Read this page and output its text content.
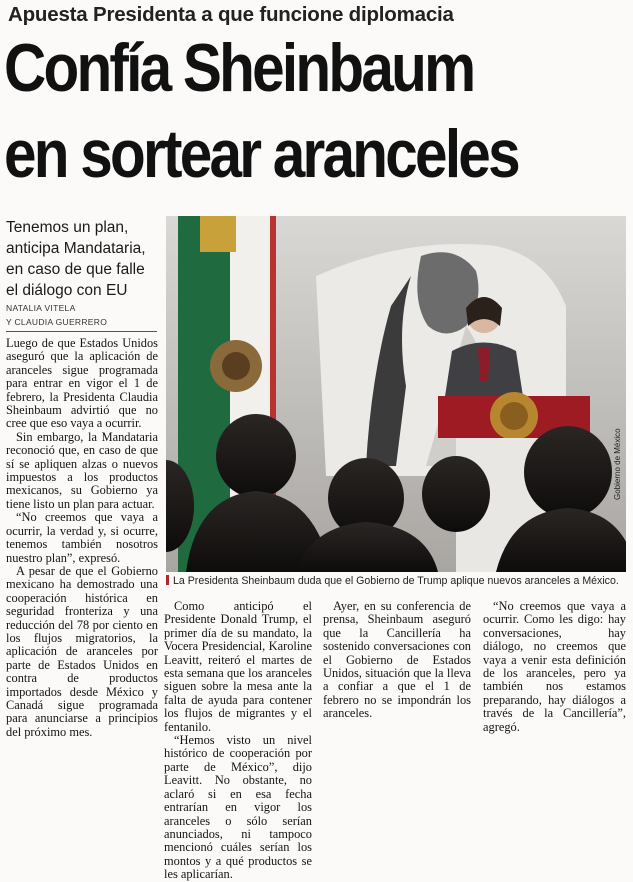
Apuesta Presidenta a que funcione diplomacia
Confía Sheinbaum
en sortear aranceles
Tenemos un plan,
anticipa Mandataria,
en caso de que falle
el diálogo con EU
NATALIA VITELA
Y CLAUDIA GUERRERO

Luego de que Estados Unidos aseguró que la aplicación de aranceles sigue programada para entrar en vigor el 1 de febrero, la Presidenta Claudia Sheinbaum advirtió que no cree que eso vaya a ocurrir.

Sin embargo, la Mandataria reconoció que, en caso de que sí se apliquen alzas o nuevos impuestos a los productos mexicanos, su Gobierno ya tiene listo un plan para actuar.

“No creemos que vaya a ocurrir, la verdad y, si ocurre, tenemos también nosotros nuestro plan”, expresó.

A pesar de que el Gobierno mexicano ha demostrado una cooperación histórica en seguridad fronteriza y una reducción del 78 por ciento en los flujos migratorios, la aplicación de aranceles por parte de Estados Unidos en contra de productos importados desde México y Canadá sigue programada para anunciarse a principios del próximo mes.

Gobierno de México
La Presidenta Sheinbaum duda que el Gobierno de Trump aplique nuevos aranceles a México.

Como anticipó el Presidente Donald Trump, el primer día de su mandato, la Vocera Presidencial, Karoline Leavitt, reiteró el martes de esta semana que los aranceles siguen sobre la mesa ante la falta de ayuda para contener los flujos de migrantes y el fentanilo.

“Hemos visto un nivel histórico de cooperación por parte de México”, dijo Leavitt. No obstante, no aclaró si en esa fecha entrarían en vigor los aranceles o sólo serían anunciados, ni tampoco mencionó cuáles serían los montos y a qué productos se les aplicarían.

Ayer, en su conferencia de prensa, Sheinbaum aseguró que la Cancillería ha sostenido conversaciones con el Gobierno de Estados Unidos, situación que la lleva a confiar a que el 1 de febrero no se impondrán los aranceles.

“No creemos que vaya a ocurrir. Como les digo: hay conversaciones, hay diálogo, no creemos que vaya a venir esta definición de los aranceles, pero ya también nos estamos preparando, hay diálogos a través de la Cancillería”, agregó.
